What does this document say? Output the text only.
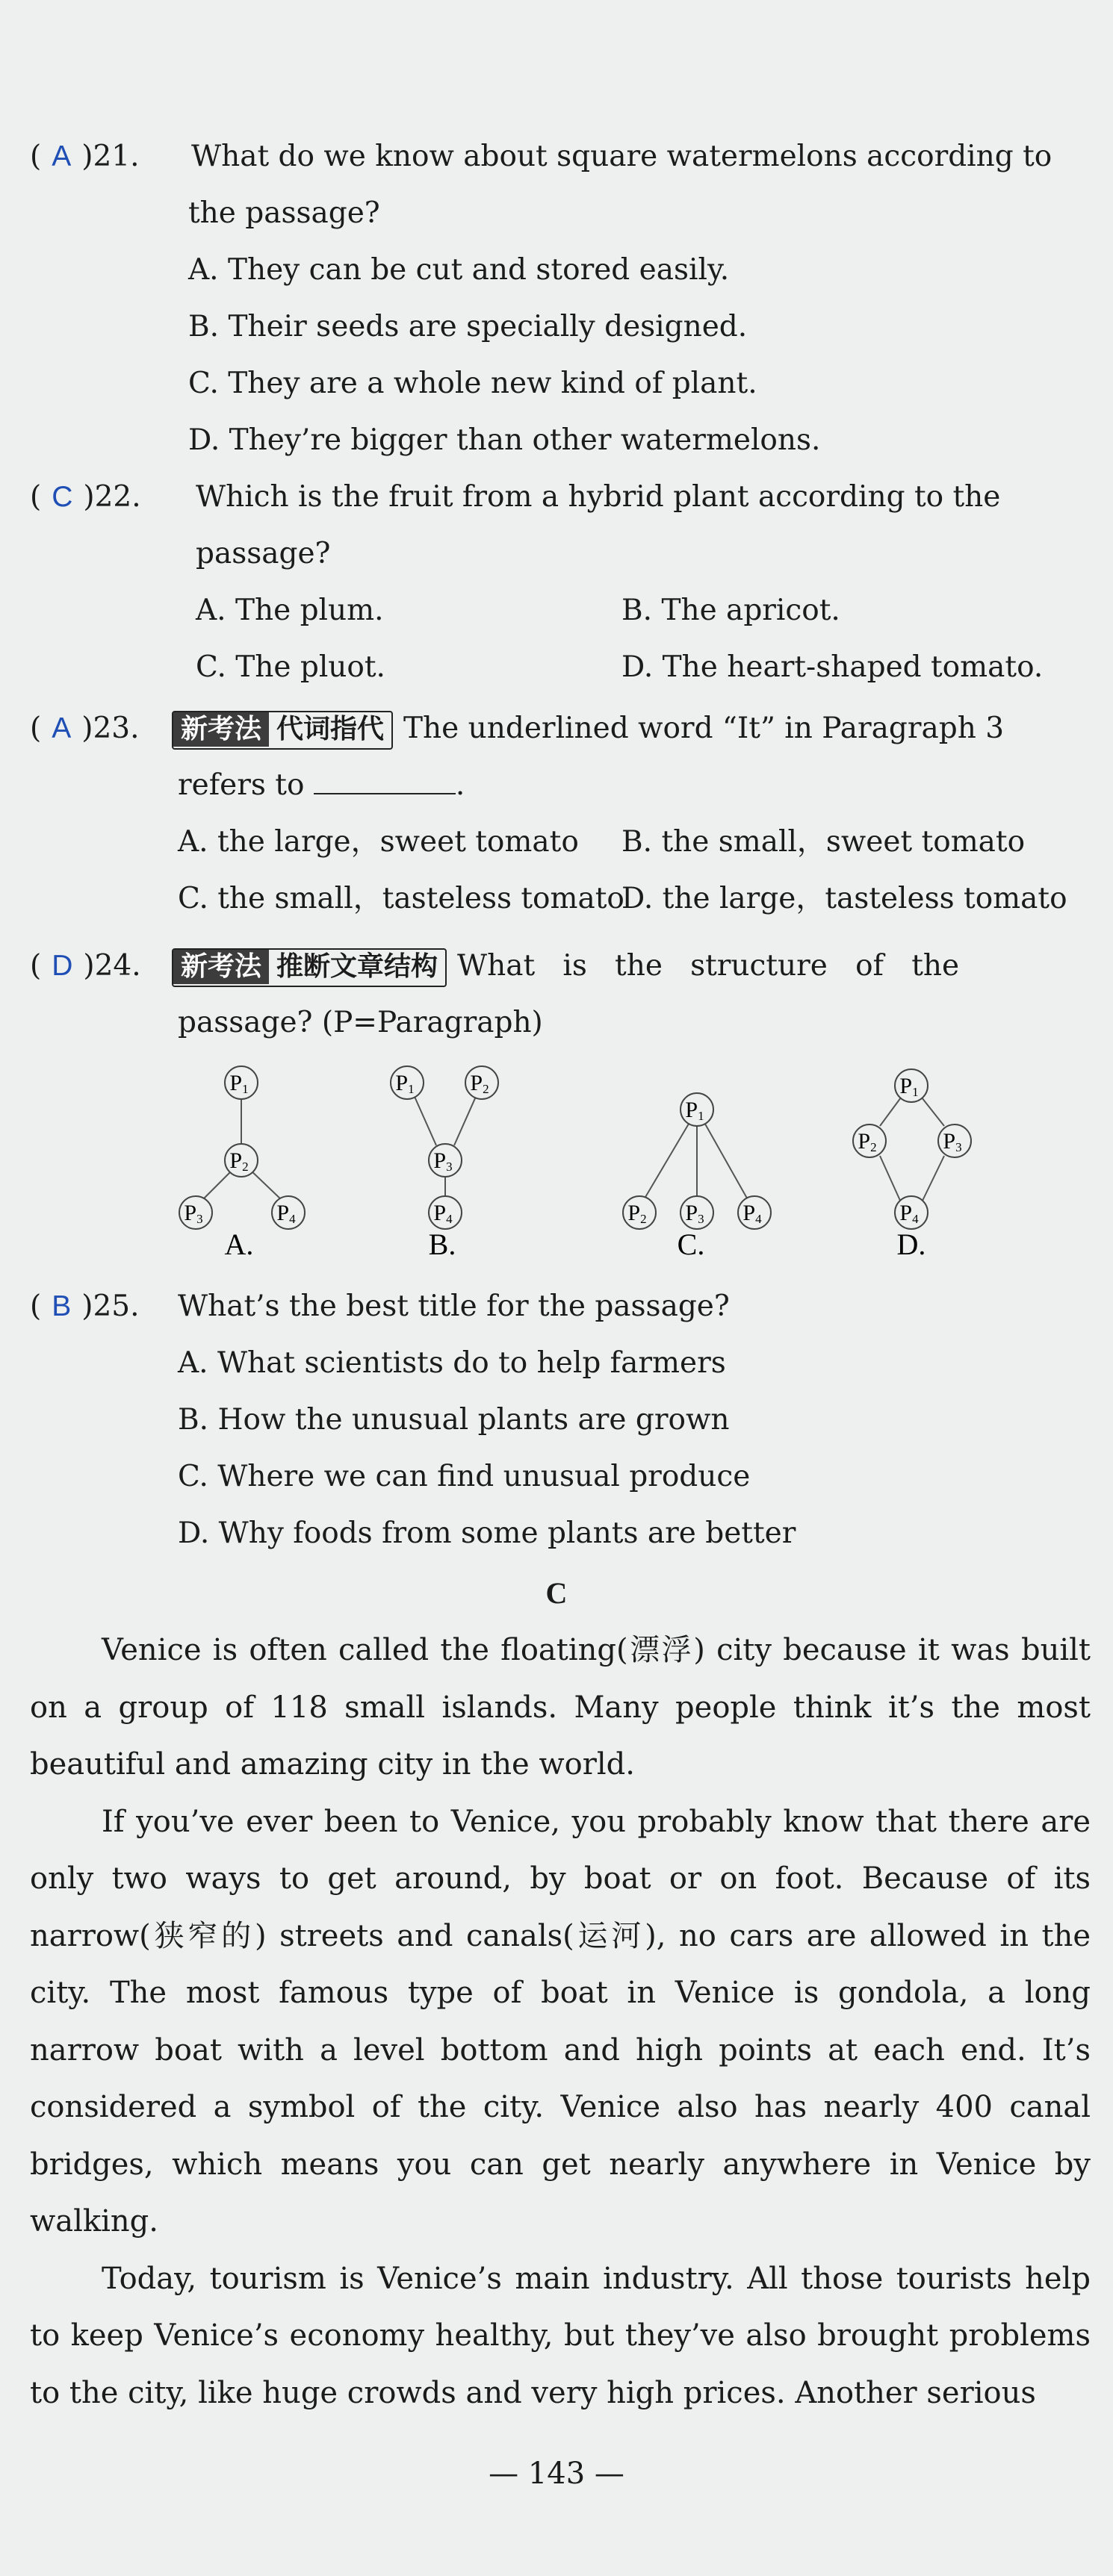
( A )21. What do we know about square watermelons according to
the passage?
A. They can be cut and stored easily.
B. Their seeds are specially designed.
C. They are a whole new kind of plant.
D. They’re bigger than other watermelons.
( C )22. Which is the fruit from a hybrid plant according to the
passage?
A. The plum.	B. The apricot.
C. The pluot.	D. The heart-shaped tomato.
( A )23.	新考法 代词指代 The underlined word “It” in Paragraph 3
refers to	.
A. the large，sweet tomato B. the small，sweet tomato
C. the small，tasteless tomato
D. the large，tasteless tomato
( D )24.	新考法 推断文章结构 What   is   the   structure   of   the
passage? (P=Paragraph)
P1
P2
P3	P4
P1 P2
P3
P4
P1
P2 P3 P4
P1
P2	P3
P4
A.	B.	C.	D.
( B )25. What’s the best title for the passage?
A. What scientists do to help farmers
B. How the unusual plants are grown
C. Where we can find unusual produce
D. Why foods from some plants are better
C

Venice is often called the floating(漂浮) city because it was built on a group of 118 small islands. Many people think it’s the most beautiful and amazing city in the world.

If you’ve ever been to Venice, you probably know that there are only two ways to get around, by boat or on foot. Because of its narrow(狭窄的) streets and canals(运河), no cars are allowed in the city. The most famous type of boat in Venice is gondola, a long narrow boat with a level bottom and high points at each end. It’s considered a symbol of the city. Venice also has nearly 400 canal bridges, which means you can get nearly anywhere in Venice by walking.

Today, tourism is Venice’s main industry. All those tourists help to keep Venice’s economy healthy, but they’ve also brought problems to the city, like huge crowds and very high prices. Another serious

— 143 —
